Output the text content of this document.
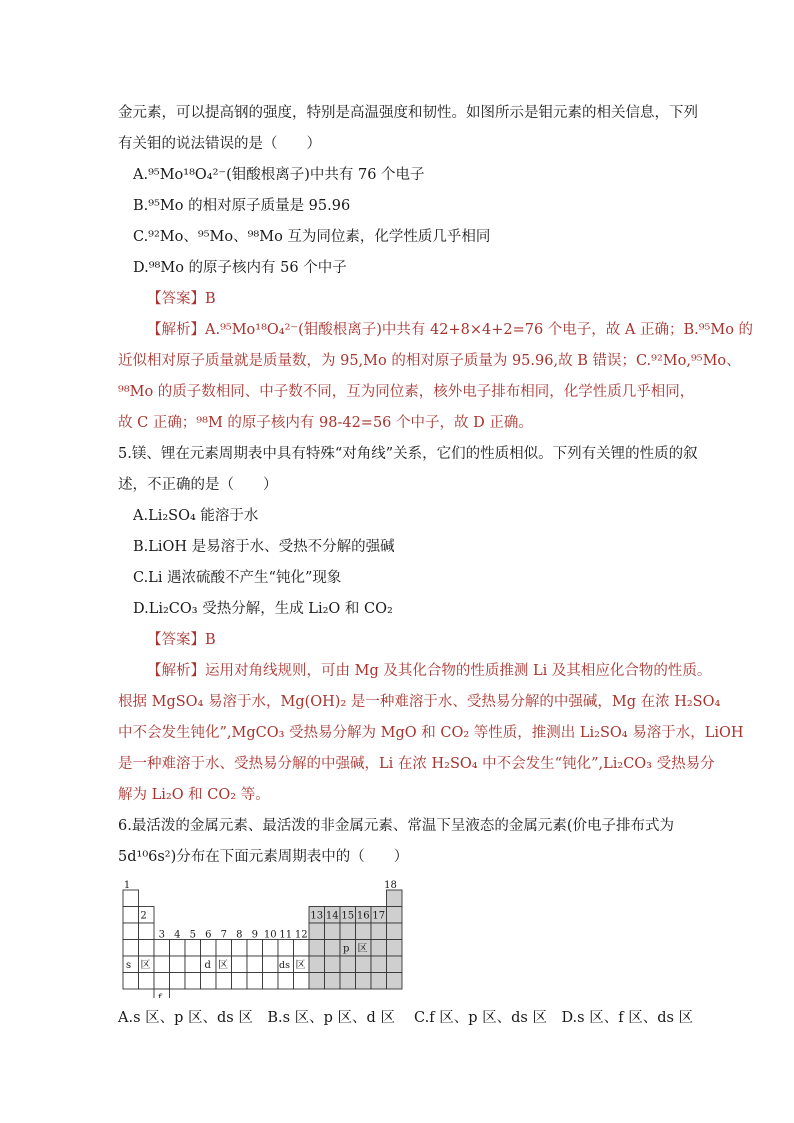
金元素，可以提高钢的强度，特别是高温强度和韧性。如图所示是钼元素的相关信息，下列
有关钼的说法错误的是（　　）
A.⁹⁵Mo¹⁸O₄²⁻(钼酸根离子)中共有 76 个电子
B.⁹⁵Mo 的相对原子质量是 95.96
C.⁹²Mo、⁹⁵Mo、⁹⁸Mo 互为同位素，化学性质几乎相同
D.⁹⁸Mo 的原子核内有 56 个中子
【答案】B
【解析】A.⁹⁵Mo¹⁸O₄²⁻(钼酸根离子)中共有 42+8×4+2=76 个电子，故 A 正确；B.⁹⁵Mo 的
近似相对原子质量就是质量数，为 95,Mo 的相对原子质量为 95.96,故 B 错误；C.⁹²Mo,⁹⁵Mo、
⁹⁸Mo 的质子数相同、中子数不同，互为同位素，核外电子排布相同，化学性质几乎相同，
故 C 正确；⁹⁸M 的原子核内有 98-42=56 个中子，故 D 正确。
5.镁、锂在元素周期表中具有特殊“对角线”关系，它们的性质相似。下列有关锂的性质的叙
述，不正确的是（　　）
A.Li₂SO₄ 能溶于水
B.LiOH 是易溶于水、受热不分解的强碱
C.Li 遇浓硫酸不产生“钝化”现象
D.Li₂CO₃ 受热分解，生成 Li₂O 和 CO₂
【答案】B
【解析】运用对角线规则，可由 Mg 及其化合物的性质推测 Li 及其相应化合物的性质。
根据 MgSO₄ 易溶于水，Mg(OH)₂ 是一种难溶于水、受热易分解的中强碱，Mg 在浓 H₂SO₄
中不会发生钝化”,MgCO₃ 受热易分解为 MgO 和 CO₂ 等性质，推测出 Li₂SO₄ 易溶于水，LiOH
是一种难溶于水、受热易分解的中强碱，Li 在浓 H₂SO₄ 中不会发生“钝化”,Li₂CO₃ 受热易分
解为 Li₂O 和 CO₂ 等。
6.最活泼的金属元素、最活泼的非金属元素、常温下呈液态的金属元素(价电子排布式为
5d¹⁰6s²)分布在下面元素周期表中的（　　）
1
2
3 4 5 6 7 8 9 10 11 12
13 14 15 16 17
18
s 区	d 区	ds 区
p 区
A.s 区、p 区、ds 区　B.s 区、p 区、d 区　 C.f 区、p 区、ds 区　D.s 区、f 区、ds 区
